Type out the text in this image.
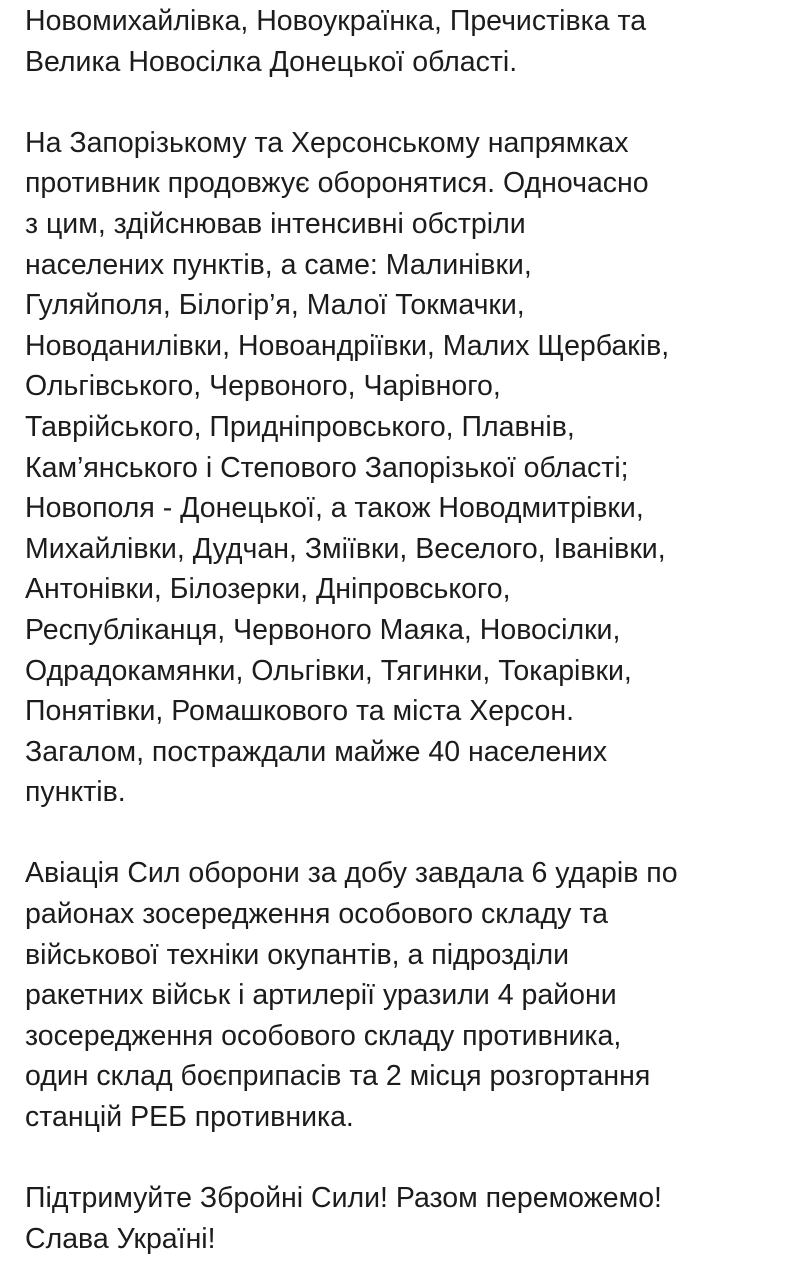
Новомихайлівка, Новоукраїнка, Пречистівка та
Велика Новосілка Донецької області.
На Запорізькому та Херсонському напрямках
противник продовжує оборонятися. Одночасно
з цим, здійснював інтенсивні обстріли
населених пунктів, а саме: Малинівки,
Гуляйполя, Білогір’я, Малої Токмачки,
Новоданилівки, Новоандріївки, Малих Щербаків,
Ольгівського, Червоного, Чарівного,
Таврійського, Придніпровського, Плавнів,
Кам’янського і Степового Запорізької області;
Новополя - Донецької, а також Новодмитрівки,
Михайлівки, Дудчан, Зміївки, Веселого, Іванівки,
Антонівки, Білозерки, Дніпровського,
Республіканця, Червоного Маяка, Новосілки,
Одрадокамянки, Ольгівки, Тягинки, Токарівки,
Понятівки, Ромашкового та міста Херсон.
Загалом, постраждали майже 40 населених
пунктів.
Авіація Сил оборони за добу завдала 6 ударів по
районах зосередження особового складу та
військової техніки окупантів, а підрозділи
ракетних військ і артилерії уразили 4 райони
зосередження особового складу противника,
один склад боєприпасів та 2 місця розгортання
станцій РЕБ противника.
Підтримуйте Збройні Сили! Разом переможемо!
Слава Україні!
